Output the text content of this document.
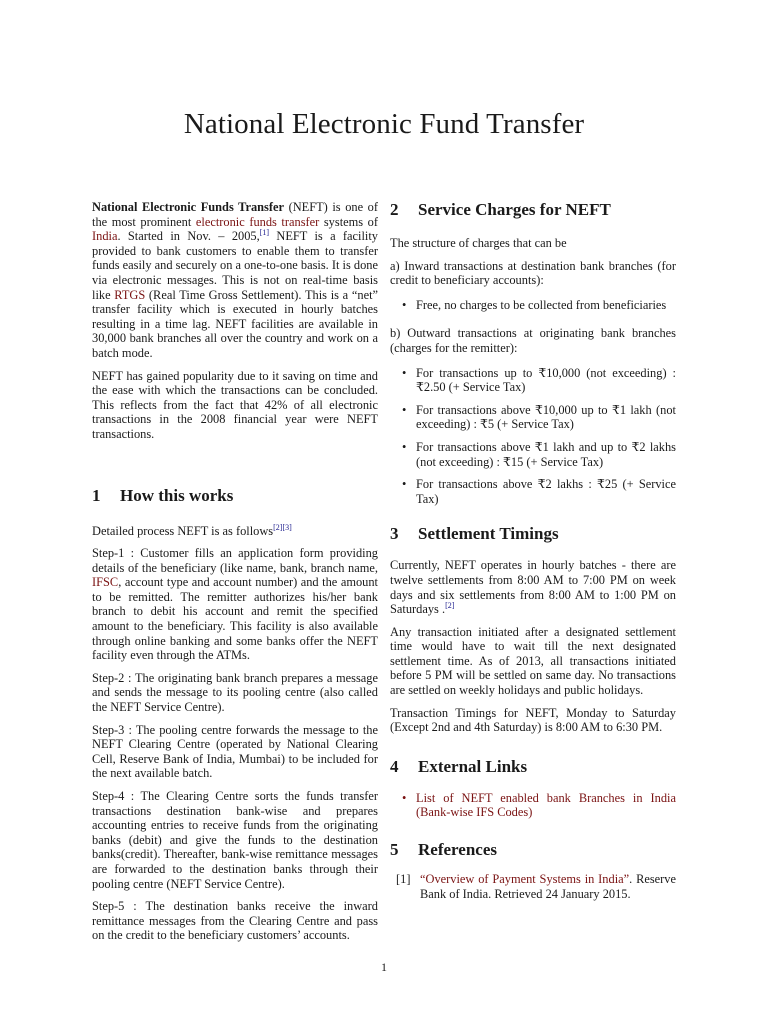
National Electronic Fund Transfer

National Electronic Funds Transfer (NEFT) is one of the most prominent electronic funds transfer systems of India. Started in Nov. – 2005,[1] NEFT is a facility provided to bank customers to enable them to transfer funds easily and securely on a one-to-one basis. It is done via electronic messages. This is not on real-time basis like RTGS (Real Time Gross Settlement). This is a “net” transfer facility which is executed in hourly batches resulting in a time lag. NEFT facilities are available in 30,000 bank branches all over the country and work on a batch mode.

NEFT has gained popularity due to it saving on time and the ease with which the transactions can be concluded. This reflects from the fact that 42% of all electronic transactions in the 2008 financial year were NEFT transactions.

1	How this works

Detailed process NEFT is as follows[2][3]

Step-1 : Customer fills an application form providing details of the beneficiary (like name, bank, branch name, IFSC, account type and account number) and the amount to be remitted. The remitter authorizes his/her bank branch to debit his account and remit the specified amount to the beneficiary. This facility is also available through online banking and some banks offer the NEFT facility even through the ATMs.

Step-2 : The originating bank branch prepares a message and sends the message to its pooling centre (also called the NEFT Service Centre).

Step-3 : The pooling centre forwards the message to the NEFT Clearing Centre (operated by National Clearing Cell, Reserve Bank of India, Mumbai) to be included for the next available batch.

Step-4 : The Clearing Centre sorts the funds transfer transactions destination bank-wise and prepares accounting entries to receive funds from the originating banks (debit) and give the funds to the destination banks(credit). Thereafter, bank-wise remittance messages are forwarded to the destination banks through their pooling centre (NEFT Service Centre).

Step-5 : The destination banks receive the inward remittance messages from the Clearing Centre and pass on the credit to the beneficiary customers’ accounts.

2	Service Charges for NEFT

The structure of charges that can be

a) Inward transactions at destination bank branches (for credit to beneficiary accounts):

• Free, no charges to be collected from beneficiaries

b) Outward transactions at originating bank branches (charges for the remitter):

• For transactions up to ₹10,000 (not exceeding) : ₹2.50 (+ Service Tax)
• For transactions above ₹10,000 up to ₹1 lakh (not exceeding) : ₹5 (+ Service Tax)
• For transactions above ₹1 lakh and up to ₹2 lakhs (not exceeding) : ₹15 (+ Service Tax)
• For transactions above ₹2 lakhs : ₹25 (+ Service Tax)
3	Settlement Timings

Currently, NEFT operates in hourly batches - there are twelve settlements from 8:00 AM to 7:00 PM on week days and six settlements from 8:00 AM to 1:00 PM on Saturdays .[2]

Any transaction initiated after a designated settlement time would have to wait till the next designated settlement time. As of 2013, all transactions initiated before 5 PM will be settled on same day. No transactions are settled on weekly holidays and public holidays.

Transaction Timings for NEFT, Monday to Saturday (Except 2nd and 4th Saturday) is 8:00 AM to 6:30 PM.

4	External Links
• List of NEFT enabled bank Branches in India (Bank-wise IFS Codes)
5	References
[1] “Overview of Payment Systems in India”. Reserve Bank of India. Retrieved 24 January 2015.
1
